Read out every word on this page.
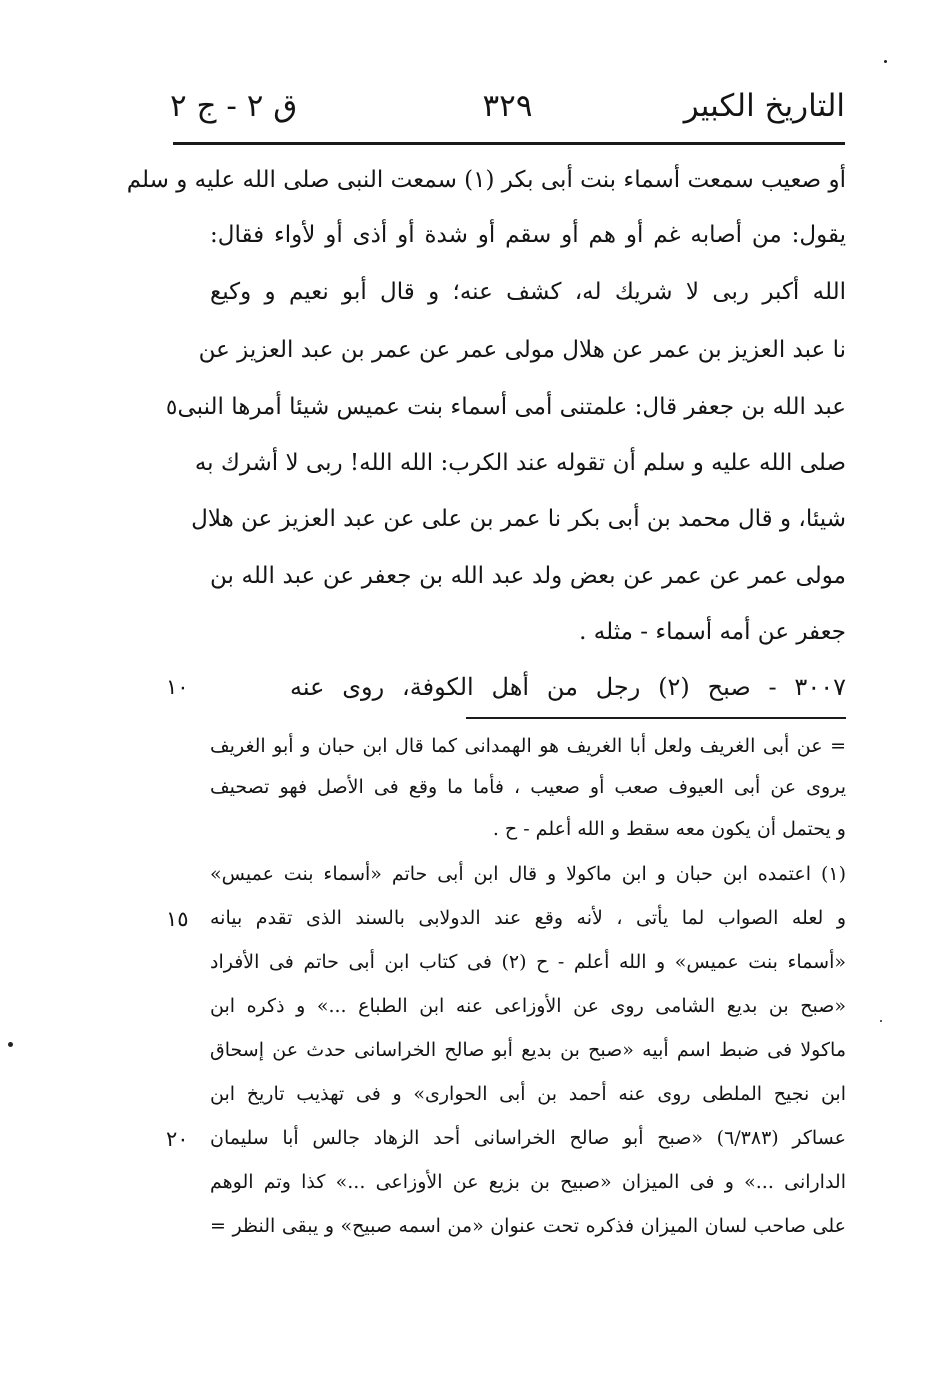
التاريخ الكبير
٣٢٩
ق ٢ - ج ٢
أو صعيب سمعت أسماء بنت أبى بكر (١) سمعت النبى صلى الله عليه و سلم
يقول: من أصابه غم أو هم أو سقم أو شدة أو أذى أو لأواء فقال:
الله أكبر ربى لا شريك له، كشف عنه؛ و قال أبو نعيم و وكيع
نا عبد العزيز بن عمر عن هلال مولى عمر عن عمر بن عبد العزيز عن
عبد الله بن جعفر قال: علمتنى أمى أسماء بنت عميس شيئا أمرها النبى
صلى الله عليه و سلم أن تقوله عند الكرب: الله الله! ربى لا أشرك به
شيئا، و قال محمد بن أبى بكر نا عمر بن على عن عبد العزيز عن هلال
مولى عمر عن عمر عن بعض ولد عبد الله بن جعفر عن عبد الله بن
جعفر عن أمه أسماء - مثله .
٣٠٠٧ - صبح (٢) رجل من أهل الكوفة، روى عنه
٥
١٠
= عن أبى الغريف ولعل أبا الغريف هو الهمدانى كما قال ابن حبان و أبو الغريف
يروى عن أبى العيوف صعب أو صعيب ، فأما ما وقع فى الأصل فهو تصحيف
و يحتمل أن يكون معه سقط و الله أعلم - ح .
(١) اعتمده ابن حبان و ابن ماكولا و قال ابن أبى حاتم «أسماء بنت عميس»
و لعله الصواب لما يأتى ، لأنه وقع عند الدولابى بالسند الذى تقدم بيانه
«أسماء بنت عميس» و الله أعلم - ح (٢) فى كتاب ابن أبى حاتم فى الأفراد
«صبح بن بديع الشامى روى عن الأوزاعى عنه ابن الطباع ...» و ذكره ابن
ماكولا فى ضبط اسم أبيه «صبح بن بديع أبو صالح الخراسانى حدث عن إسحاق
ابن نجيح الملطى روى عنه أحمد بن أبى الحوارى» و فى تهذيب تاريخ ابن
عساكر (٦/٣٨٣) «صبح أبو صالح الخراسانى أحد الزهاد جالس أبا سليمان
الدارانى ...» و فى الميزان «صبيح بن بزيع عن الأوزاعى ...» كذا وتم الوهم
على صاحب لسان الميزان فذكره تحت عنوان «من اسمه صبيح» و يبقى النظر =
١٥
٢٠
